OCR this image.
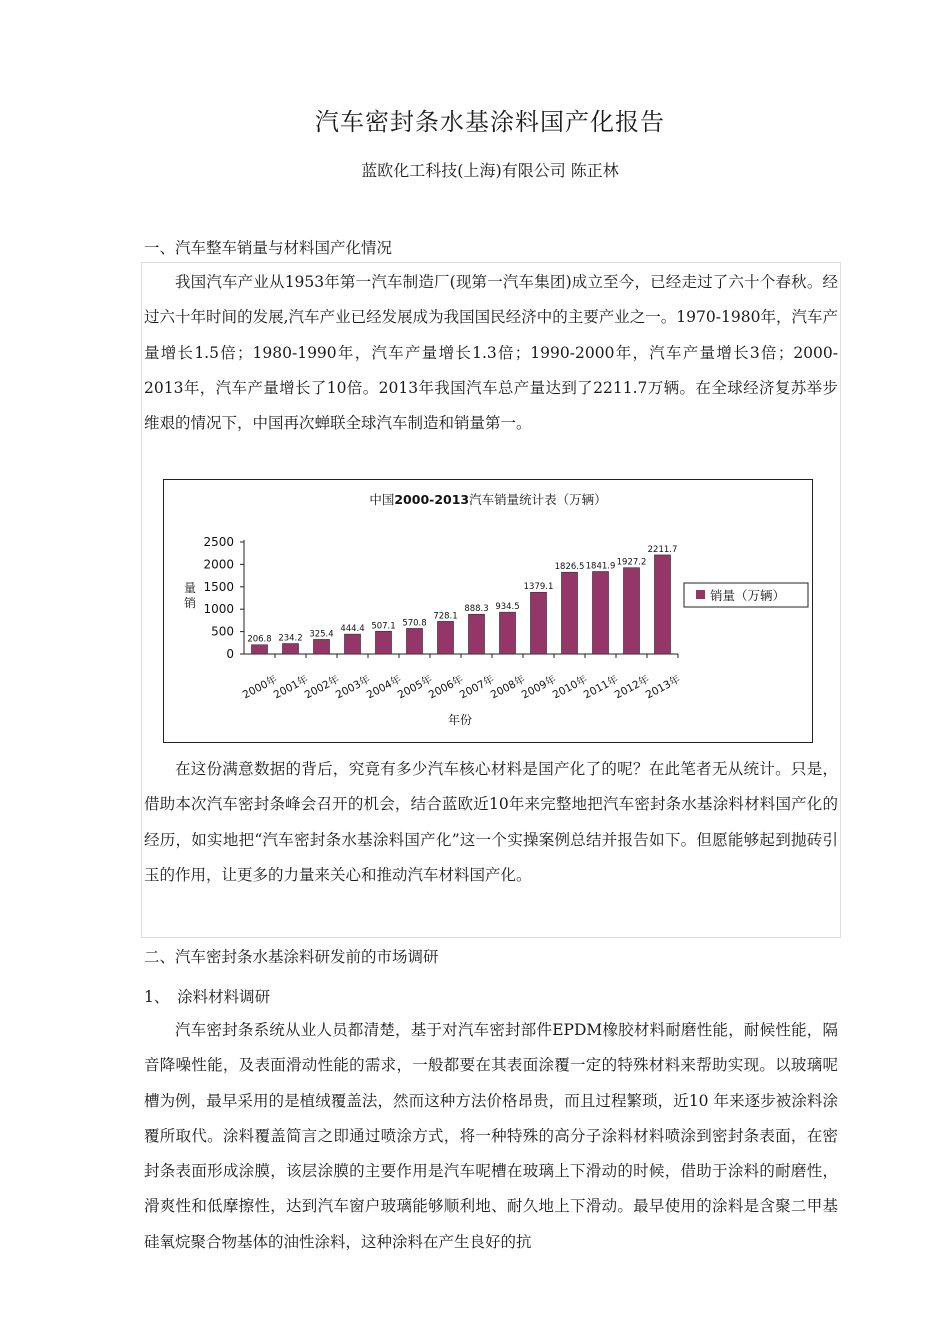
汽车密封条水基涂料国产化报告
蓝欧化工科技(上海)有限公司 陈正林
一、汽车整车销量与材料国产化情况

我国汽车产业从1953年第一汽车制造厂(现第一汽车集团)成立至今，已经走过了六十个春秋。经过六十年时间的发展,汽车产业已经发展成为我国国民经济中的主要产业之一。1970-1980年，汽车产量增长1.5倍；1980-1990年，汽车产量增长1.3倍；1990-2000年，汽车产量增长3倍；2000-2013年，汽车产量增长了10倍。2013年我国汽车总产量达到了2211.7万辆。在全球经济复苏举步维艰的情况下，中国再次蝉联全球汽车制造和销量第一。

中国2000-2013汽车销量统计表（万辆）
量销
年份
0
500
1000
1500
2000
2500
2000年
2001年
2002年
2003年
2004年
2005年
2006年
2007年
2008年
2009年
2010年
2011年
2012年
2013年
206.8 234.2 325.4
444.4 507.1 570.8
728.1
888.3 934.5
1379.1
1826.5 1841.9 1927.2
2211.7
销量（万辆）

在这份满意数据的背后，究竟有多少汽车核心材料是国产化了的呢？在此笔者无从统计。只是，借助本次汽车密封条峰会召开的机会，结合蓝欧近10年来完整地把汽车密封条水基涂料材料国产化的经历，如实地把“汽车密封条水基涂料国产化”这一个实操案例总结并报告如下。但愿能够起到抛砖引玉的作用，让更多的力量来关心和推动汽车材料国产化。

二、汽车密封条水基涂料研发前的市场调研
1、　涂料材料调研

汽车密封条系统从业人员都清楚，基于对汽车密封部件EPDM橡胶材料耐磨性能，耐候性能，隔音降噪性能，及表面滑动性能的需求，一般都要在其表面涂覆一定的特殊材料来帮助实现。以玻璃呢槽为例，最早采用的是植绒覆盖法，然而这种方法价格昂贵，而且过程繁琐，近10 年来逐步被涂料涂覆所取代。涂料覆盖简言之即通过喷涂方式，将一种特殊的高分子涂料材料喷涂到密封条表面，在密封条表面形成涂膜，该层涂膜的主要作用是汽车呢槽在玻璃上下滑动的时候，借助于涂料的耐磨性，滑爽性和低摩擦性，达到汽车窗户玻璃能够顺利地、耐久地上下滑动。最早使用的涂料是含聚二甲基硅氧烷聚合物基体的油性涂料，这种涂料在产生良好的抗
